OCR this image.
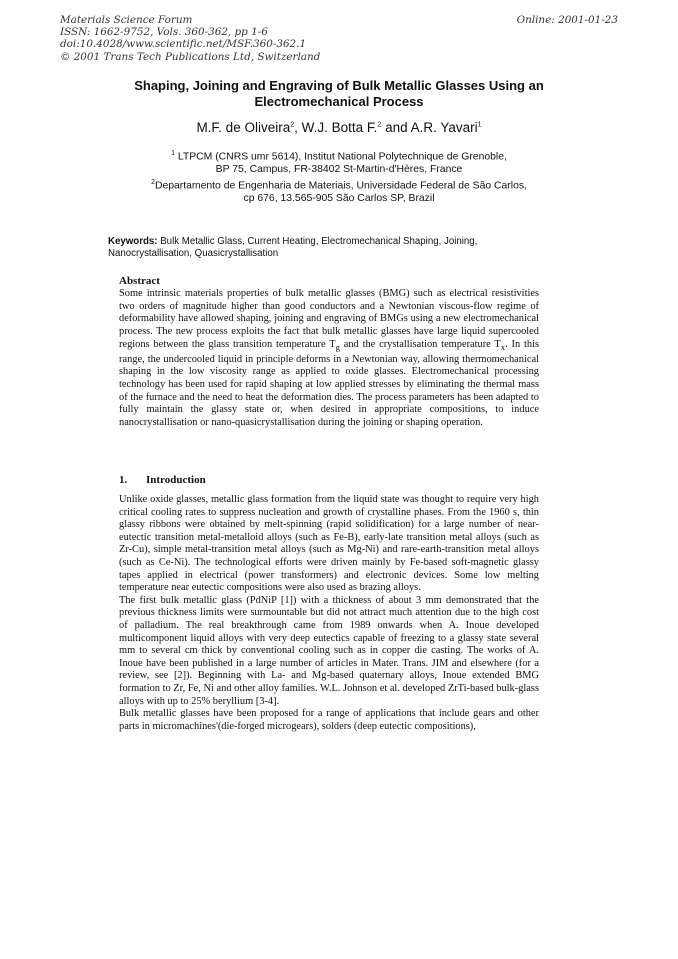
Materials Science Forum
ISSN: 1662-9752, Vols. 360-362, pp 1-6
doi:10.4028/www.scientific.net/MSF.360-362.1
© 2001 Trans Tech Publications Ltd, Switzerland
Online: 2001-01-23
Shaping, Joining and Engraving of Bulk Metallic Glasses Using an Electromechanical Process
M.F. de Oliveira$^2$, W.J. Botta F.$^2$ and A.R. Yavari$^1$
$^1$ LTPCM (CNRS umr 5614), Institut National Polytechnique de Grenoble,
BP 75, Campus, FR-38402 St-Martin-d'Hères, France
$^2$Departamento de Engenharia de Materiais, Universidade Federal de São Carlos,
cp 676, 13.565-905 São Carlos SP, Brazil
Keywords: Bulk Metallic Glass, Current Heating, Electromechanical Shaping, Joining, Nanocrystallisation, Quasicrystallisation
Abstract
Some intrinsic materials properties of bulk metallic glasses (BMG) such as electrical resistivities two orders of magnitude higher than good conductors and a Newtonian viscous-flow regime of deformability have allowed shaping, joining and engraving of BMGs using a new electromechanical process. The new process exploits the fact that bulk metallic glasses have large liquid supercooled regions between the glass transition temperature $T_g$ and the crystallisation temperature $T_x$. In this range, the undercooled liquid in principle deforms in a Newtonian way, allowing thermomechanical shaping in the low viscosity range as applied to oxide glasses. Electromechanical processing technology has been used for rapid shaping at low applied stresses by eliminating the thermal mass of the furnace and the need to heat the deformation dies. The process parameters has been adapted to fully maintain the glassy state or, when desired in appropriate compositions, to induce nanocrystallisation or nano-quasicrystallisation during the joining or shaping operation.
1. Introduction

Unlike oxide glasses, metallic glass formation from the liquid state was thought to require very high critical cooling rates to suppress nucleation and growth of crystalline phases. From the 1960 s, thin glassy ribbons were obtained by melt-spinning (rapid solidification) for a large number of near-eutectic transition metal-metalloid alloys (such as Fe-B), early-late transition metal alloys (such as Zr-Cu), simple metal-transition metal alloys (such as Mg-Ni) and rare-earth-transition metal alloys (such as Ce-Ni). The technological efforts were driven mainly by Fe-based soft-magnetic glassy tapes applied in electrical (power transformers) and electronic devices. Some low melting temperature near eutectic compositions were also used as brazing alloys.

The first bulk metallic glass (PdNiP [1]) with a thickness of about 3 mm demonstrated that the previous thickness limits were surmountable but did not attract much attention due to the high cost of palladium. The real breakthrough came from 1989 onwards when A. Inoue developed multicomponent liquid alloys with very deep eutectics capable of freezing to a glassy state several mm to several cm thick by conventional cooling such as in copper die casting. The works of A. Inoue have been published in a large number of articles in Mater. Trans. JIM and elsewhere (for a review, see [2]). Beginning with La- and Mg-based quaternary alloys, Inoue extended BMG formation to Zr, Fe, Ni and other alloy families. W.L. Johnson et al. developed ZrTi-based bulk-glass alloys with up to 25% beryllium [3-4].

Bulk metallic glasses have been proposed for a range of applications that include gears and other parts in micromachines'(die-forged microgears), solders (deep eutectic compositions),
